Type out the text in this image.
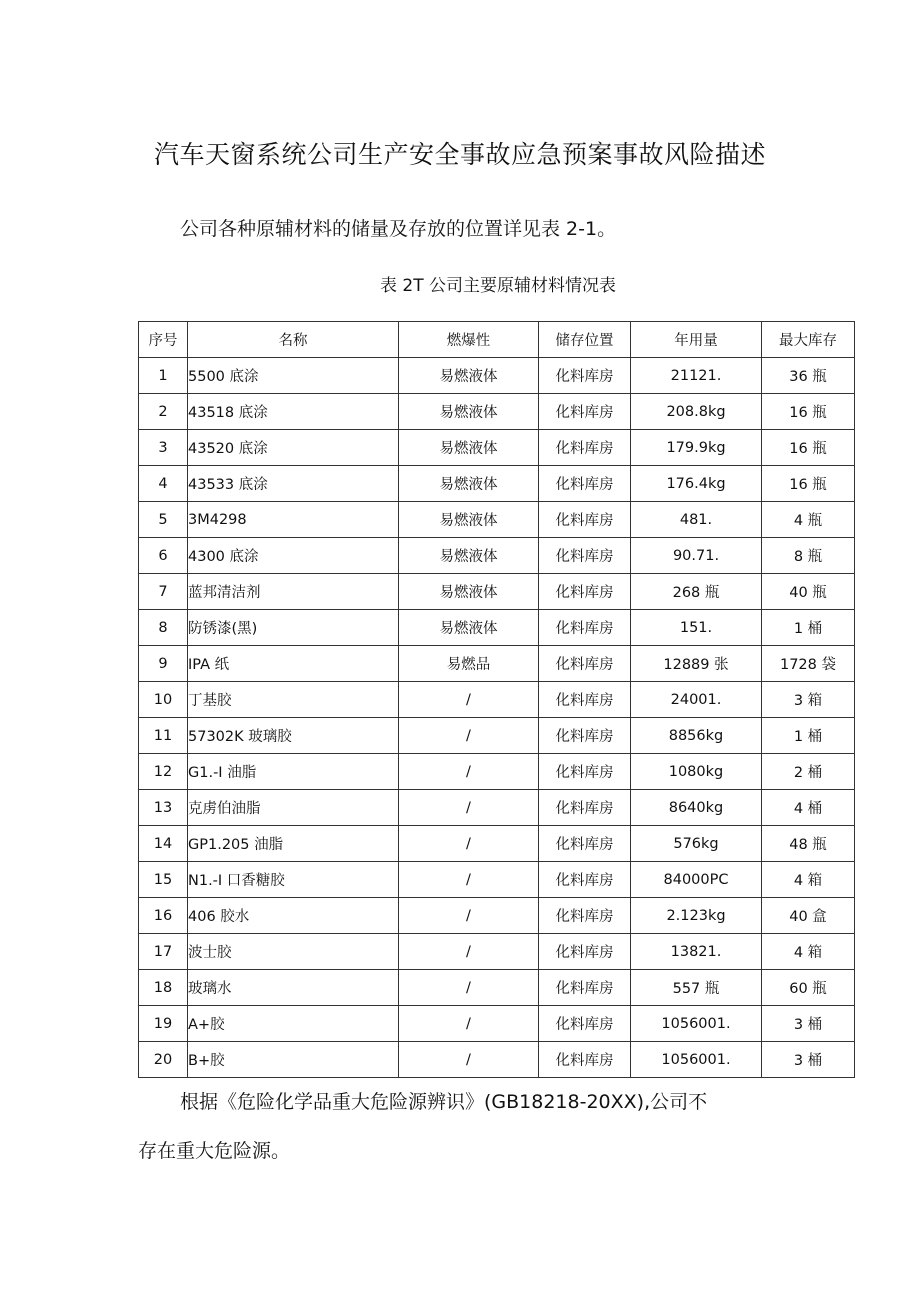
汽车天窗系统公司生产安全事故应急预案事故风险描述
公司各种原辅材料的储量及存放的位置详见表 2-1。
表 2T 公司主要原辅材料情况表
序号	名称	燃爆性	储存位置	年用量	最大库存
1	5500 底涂	易燃液体	化料库房	21121.	36 瓶
2	43518 底涂	易燃液体	化料库房	208.8kg	16 瓶
3	43520 底涂	易燃液体	化料库房	179.9kg	16 瓶
4	43533 底涂	易燃液体	化料库房	176.4kg	16 瓶
5	3M4298	易燃液体	化料库房	481.	4 瓶
6	4300 底涂	易燃液体	化料库房	90.71.	8 瓶
7	蓝邦清洁剂	易燃液体	化料库房	268 瓶	40 瓶
8	防锈漆(黑)	易燃液体	化料库房	151.	1 桶
9	IPA 纸	易燃品	化料库房	12889 张	1728 袋
10	丁基胶	/	化料库房	24001.	3 箱
11	57302K 玻璃胶	/	化料库房	8856kg	1 桶
12	G1.-I 油脂	/	化料库房	1080kg	2 桶
13	克虏伯油脂	/	化料库房	8640kg	4 桶
14	GP1.205 油脂	/	化料库房	576kg	48 瓶
15	N1.-I 口香糖胶	/	化料库房	84000PC	4 箱
16	406 胶水	/	化料库房	2.123kg	40 盒
17	波士胶	/	化料库房	13821.	4 箱
18	玻璃水	/	化料库房	557 瓶	60 瓶
19	A+胶	/	化料库房	1056001.	3 桶
20	B+胶	/	化料库房	1056001.	3 桶

根据《危险化学品重大危险源辨识》(GB18218-20XX),公司不

存在重大危险源。
